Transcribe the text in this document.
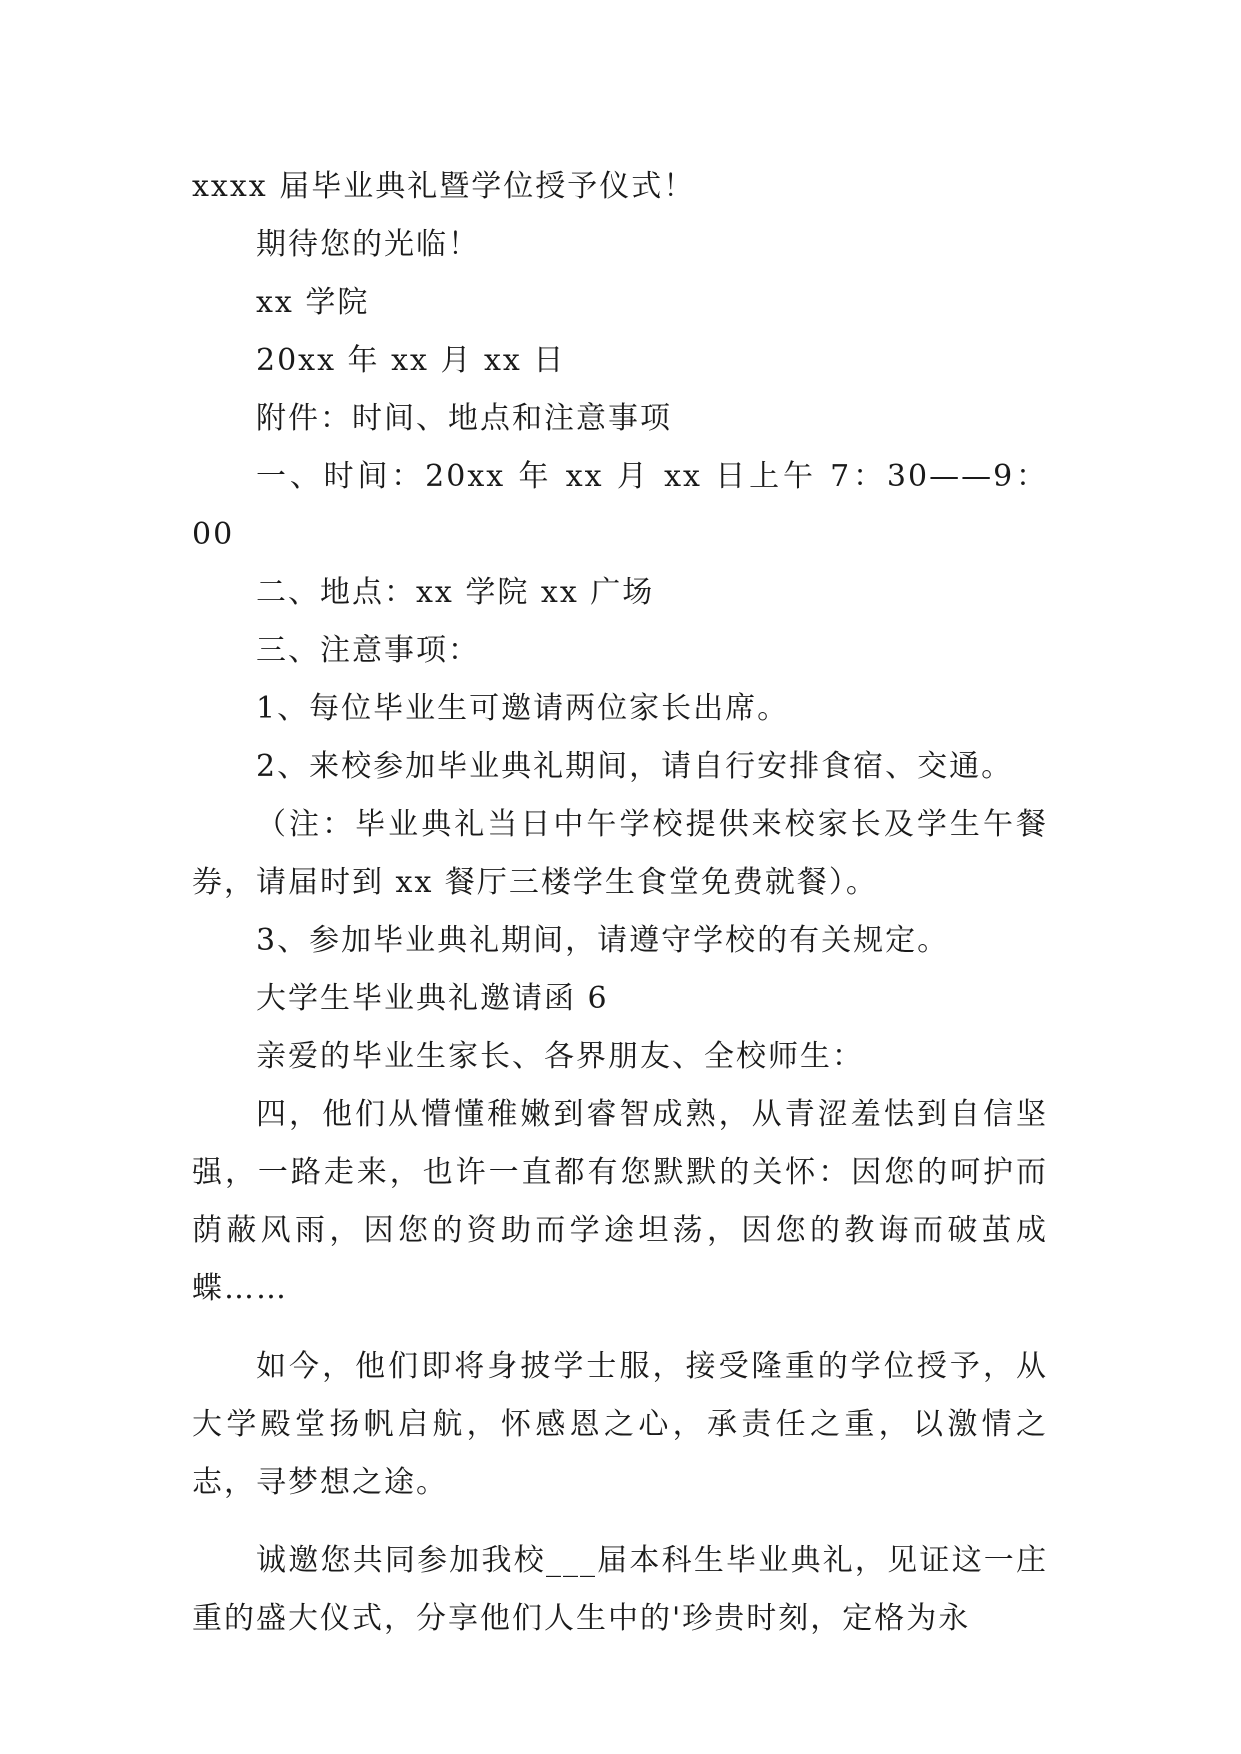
xxxx 届毕业典礼暨学位授予仪式！

期待您的光临！

xx 学院

20xx 年 xx 月 xx 日

附件：时间、地点和注意事项

一、时间：20xx 年 xx 月 xx 日上午 7：30——9：00

二、地点：xx 学院 xx 广场

三、注意事项：

1、每位毕业生可邀请两位家长出席。

2、来校参加毕业典礼期间，请自行安排食宿、交通。

（注：毕业典礼当日中午学校提供来校家长及学生午餐券，请届时到 xx 餐厅三楼学生食堂免费就餐）。

3、参加毕业典礼期间，请遵守学校的有关规定。

大学生毕业典礼邀请函 6

亲爱的毕业生家长、各界朋友、全校师生：

四，他们从懵懂稚嫩到睿智成熟，从青涩羞怯到自信坚强，一路走来，也许一直都有您默默的关怀：因您的呵护而荫蔽风雨，因您的资助而学途坦荡，因您的教诲而破茧成蝶……

如今，他们即将身披学士服，接受隆重的学位授予，从大学殿堂扬帆启航，怀感恩之心，承责任之重，以激情之志，寻梦想之途。

诚邀您共同参加我校___届本科生毕业典礼，见证这一庄重的盛大仪式，分享他们人生中的'珍贵时刻，定格为永
